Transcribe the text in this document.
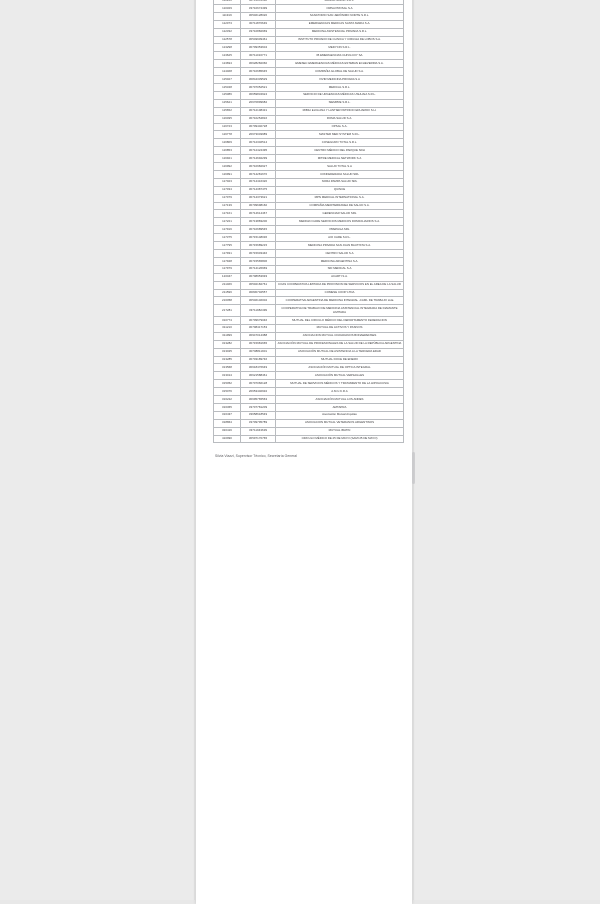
110329	33710674499	OMSA PROSAL S.A
111919	30546128020	SANATORIO SAN JERÓNIMO NORTE S.R.L.
112073	30711876649	EMERGENCIAS MEDICAS SANTA MARIA S.A.
112332	33710882969	MEDICINA ASISTENCIAL PRIVADA S.R.L.
112578	30549909461	INSTITUTO PRIVADO DE CLINICA Y CIRUGIA DE LOBOS S.A.
113298	30709353604	MEDYCIN S.R.L.
113625	30711016771	IB EMERGENCIAS CHIVILCOY SA
113694	30628282060	EMESEC EMERGENCIAS MÉDICAS ESTEBAN ECHEVERRIA S.A.
114468	30710685645	COMPAÑIA GLOBAL DE SALUD S.A.
115027	30844339529	VIVIR MEDICINA PRIVADA S.A
115348	30707052521	MEDICAL S.R.L.
115386	30659834924	SERVICIO DE URGENCIAS MÉDICAS USHUAIA S.R.L.
115621	20670899682	SIEMPRE S.R.L.
115652	30712108431	MIBILI ELVA ANA Y LANTIER PATRICIO EDUARDO S.H.
116495	30710254816	ROMA SALUD S.A.
116723	30709440728	OPSAL S.A.
116778	20673049989	MASTER MED SYSTEM S.R.L.
116809	30712346514	COSEGURO TOTAL S.R.L.
116853	30712424495	CENTRO MÉDICO DEL PARQUE SDH
116921	30714692299	MITRE MEDICAL NETWORK S.A
116992	30710982927	SALUD TOTAL S.A
116991	30714281670	CONFEDERADA SALUD SRL
117023	30714416320	NORA PAMPA SALUD SRL
117034	30714387475	QUINCE
117079	30714373621	MPN MEDICAL INTERNATIONAL S.A.
117139	30709698160	COMPAÑIA MEDITERRANEA DE SALUD S.A.
117161	30714614467	GERENCIAR SALUD SRL
117221	30713883200	MEDIGIN CARE SERVICIOS MEDICOS DOMICILIARIOS S.A.
117916	30710689545	PREPAGA SRL
117375	30715148036	AIO CARE S.R.L.
117795	30715689215	MEDICINA PRIVADA SAN JUAN BAUTISTA S.A.
117931	30715903446	CENTRO SALUD S.A
117948	30715565806	MEDICINA ARGENTINA S.A.
117979	30714126969	SID MEDICAL S.A
120047	30708953993	ACARTI S.A.
211466	30502182761	COAS COOPERATIVA LIMITADA DE PROVISION DE SERVICIOS EN EL AREA DE LA SALUD
211596	30830702557	COMESE COOP LTDA
216058	30546146002	COOPERATIVA ARGENTINA DE MEDICINA INTEGRAL -CAMI- DE TRABAJO Ltda
217281	33711982499	COOPERATIVA DE TRABAJO DE MEDICINA ASISTENCIAL INTEGRADA DE DIAMANTE LIMITADA
310774	30709679046	MUTUAL DEL CIRCULO MÉDICO DEL DEPARTAMENTO FEDERACION
311210	30708417153	MUTUAL DE ACTIVOS Y PASIVOS
311999	30947014388	ASOCIACION MUTUAL CIUDADANOS BONAERENSES
313282	30715981665	ASOCIACIÓN MUTUAL DE PROFESIONALES DE LA SALUD DE LA REPÚBLICA ARGENTINA
313025	30708811901	ASOCIACIÓN MUTUAL DE ASISTENCIA A LA TERCERA EDAD
313285	30703189746	MUTUAL DOCE DE ENERO
313568	30618476649	ASOCIACIÓN MUTUAL DE OPTICA INTEGRAL
313014	30621588461	ASOCIACIÓN MUTUAL VERSAILLES
315052	30707066128	MUTUAL DE SERVICIOS MÉDICOS Y TRATAMIENTO DE LA HIPOACUSIA
315076	20653440932	A.M.U.K.R.A
316222	30695765563	ASOCIACIÓN MUTUAL LOS ANDES
316365	33707781209	AMTAPRA
316437	33658618549	Asociación Mutual Arquitas
318864	33709795789	ASOCIACION MUTUAL VETERANOS ARGENTINOS
320416	33711943639	MUTUAL IBATIN
410990	30597170765	CIRCULO MÉDICO DE 25 DE MAYO (SAMI 25 DE MAYO)
Silvia Viazzi, Supervisor Técnico, Secretaría General
